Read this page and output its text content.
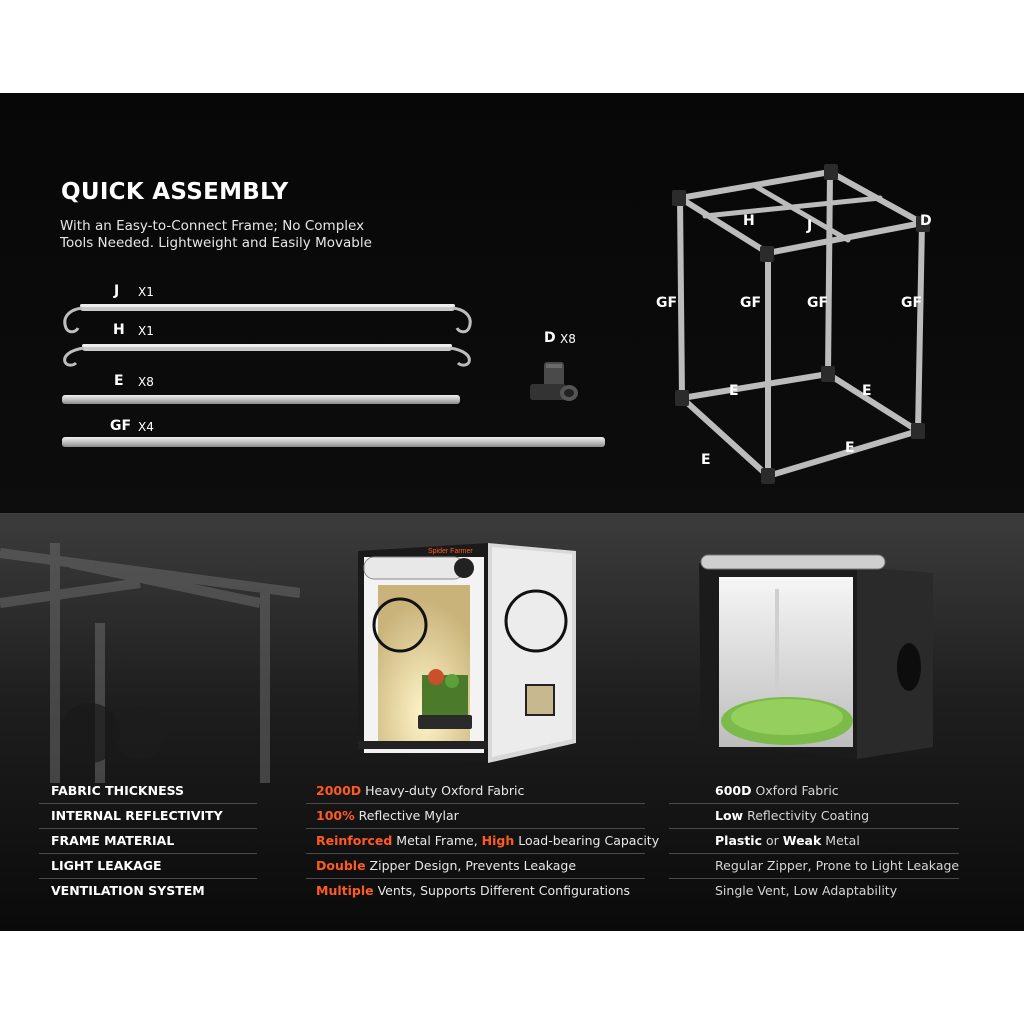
QUICK ASSEMBLY
With an Easy-to-Connect Frame; No Complex
Tools Needed. Lightweight and Easily Movable
J X1
H X1
E X8
GF X4
D X8
H	J	D
GF	GF	GF	GF
E	E
E
E
Spider Farmer
FABRIC THICKNESS	2000D Heavy-duty Oxford Fabric	600D Oxford Fabric
INTERNAL REFLECTIVITY	100% Reflective Mylar	Low Reflectivity Coating
FRAME MATERIAL	Reinforced Metal Frame, High Load-bearing Capacity	Plastic or Weak Metal
LIGHT LEAKAGE	Double Zipper Design, Prevents Leakage	Regular Zipper, Prone to Light Leakage
VENTILATION SYSTEM	Multiple Vents, Supports Different Configurations	Single Vent, Low Adaptability
